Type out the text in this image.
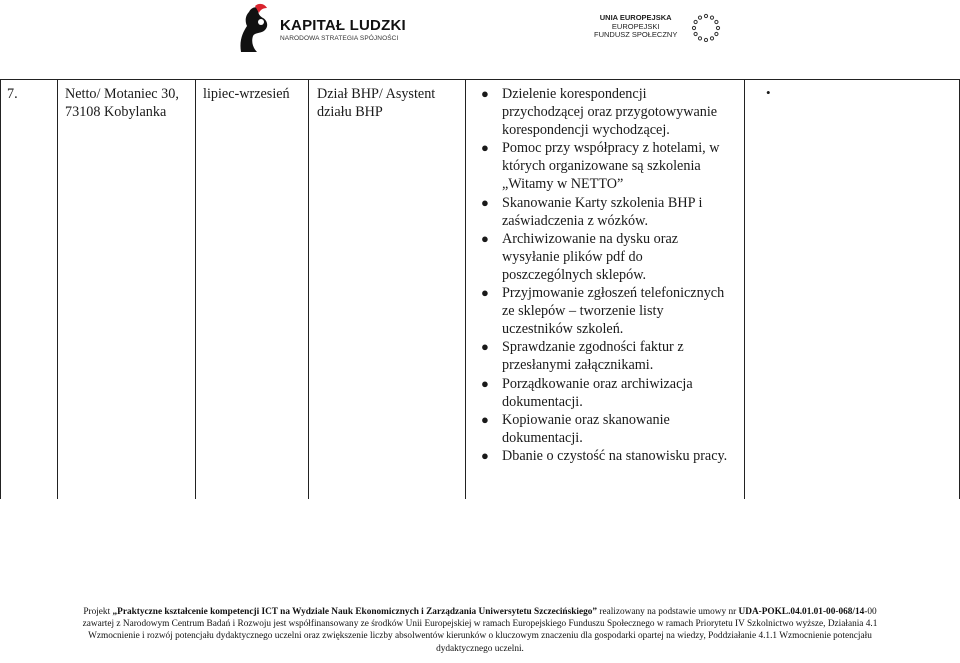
KAPITAŁ LUDZKI
NARODOWA STRATEGIA SPÓJNOŚCI
UNIA EUROPEJSKA
EUROPEJSKI
FUNDUSZ SPOŁECZNY
7.	Netto/ Motaniec 30, 73108 Kobylanka
lipiec-wrzesień Dział BHP/ Asystent działu BHP
● Dzielenie korespondencji przychodzącej oraz przygotowywanie korespondencji wychodzącej.
● Pomoc przy współpracy z hotelami, w których organizowane są szkolenia „Witamy w NETTO”
● Skanowanie Karty szkolenia BHP i zaświadczenia z wózków.
● Archiwizowanie na dysku oraz wysyłanie plików pdf do poszczególnych sklepów.
● Przyjmowanie zgłoszeń telefonicznych ze sklepów – tworzenie listy uczestników szkoleń.
● Sprawdzanie zgodności faktur z przesłanymi załącznikami.
● Porządkowanie oraz archiwizacja dokumentacji.
● Kopiowanie oraz skanowanie dokumentacji.
● Dbanie o czystość na stanowisku pracy.
•
Projekt „Praktyczne kształcenie kompetencji ICT na Wydziale Nauk Ekonomicznych i Zarządzania Uniwersytetu Szczecińskiego” realizowany na podstawie umowy nr UDA-POKL.04.01.01-00-068/14-00
zawartej z Narodowym Centrum Badań i Rozwoju jest współfinansowany ze środków Unii Europejskiej w ramach Europejskiego Funduszu Społecznego w ramach Priorytetu IV Szkolnictwo wyższe, Działania 4.1
Wzmocnienie i rozwój potencjału dydaktycznego uczelni oraz zwiększenie liczby absolwentów kierunków o kluczowym znaczeniu dla gospodarki opartej na wiedzy, Poddziałanie 4.1.1 Wzmocnienie potencjału
dydaktycznego uczelni.
